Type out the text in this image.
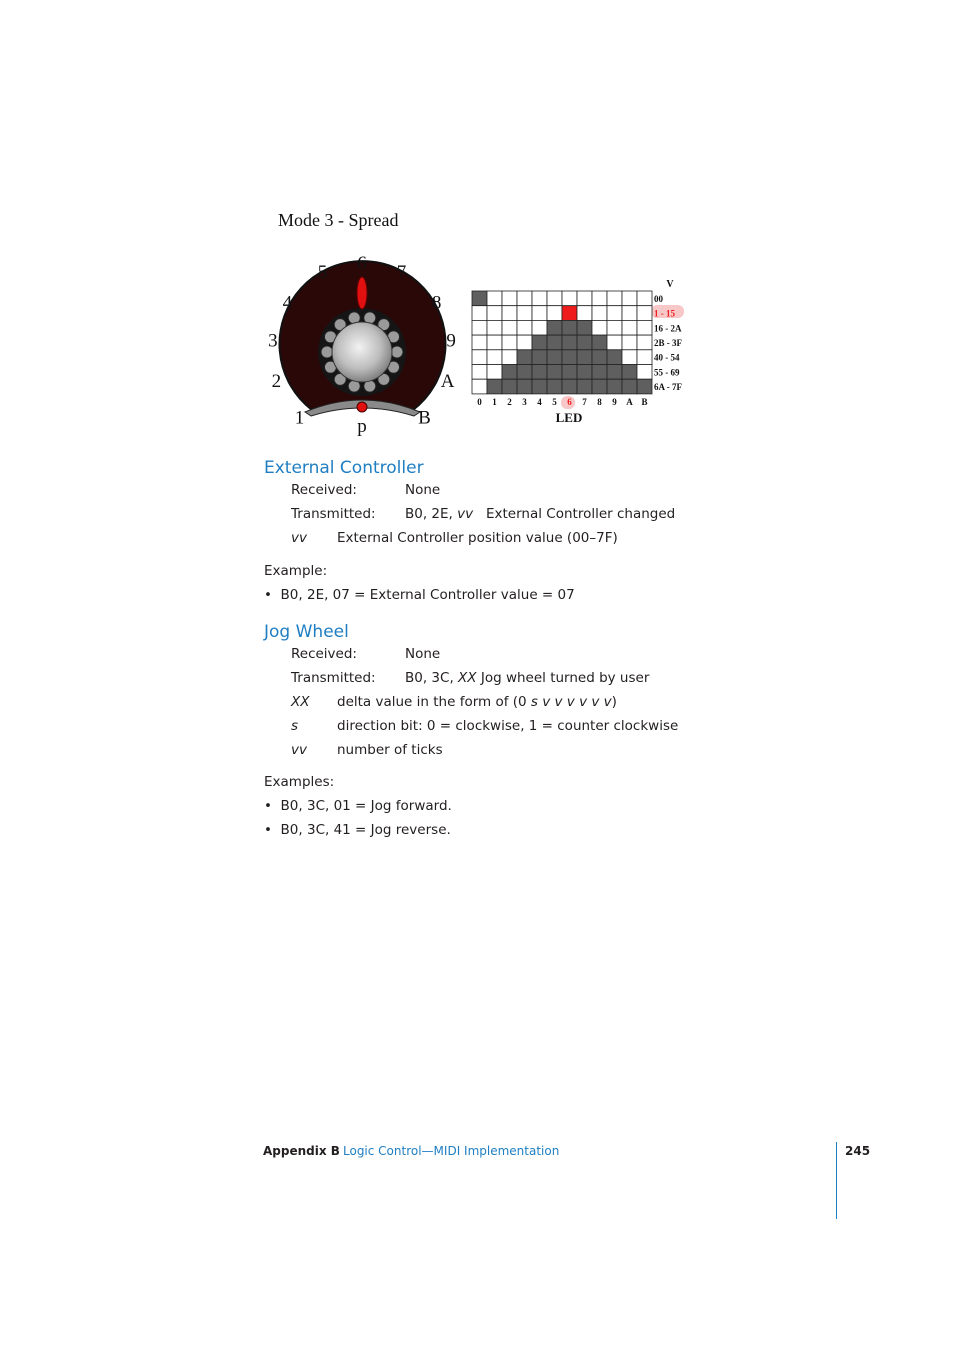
Mode 3 - Spread
1
2
3
4
5 6 7
8
9
A
B
p
V
00
1 - 15
16 - 2A
2B - 3F
40 - 54
55 - 69
6A - 7F
0 1 2 3 4 5 6 7 8 9 A B
LED
External Controller
Received:	None
Transmitted: B0, 2E, vv External Controller changed
vv External Controller position value (00–7F)
Example:
•  B0, 2E, 07 = External Controller value = 07
Jog Wheel
Received:	None
Transmitted: B0, 3C, XX Jog wheel turned by user
XX delta value in the form of (0 s v v v v v v)
s	direction bit: 0 = clockwise, 1 = counter clockwise
vv number of ticks
Examples:
•  B0, 3C, 01 = Jog forward.
•  B0, 3C, 41 = Jog reverse.
Appendix B Logic Control—MIDI Implementation	245
